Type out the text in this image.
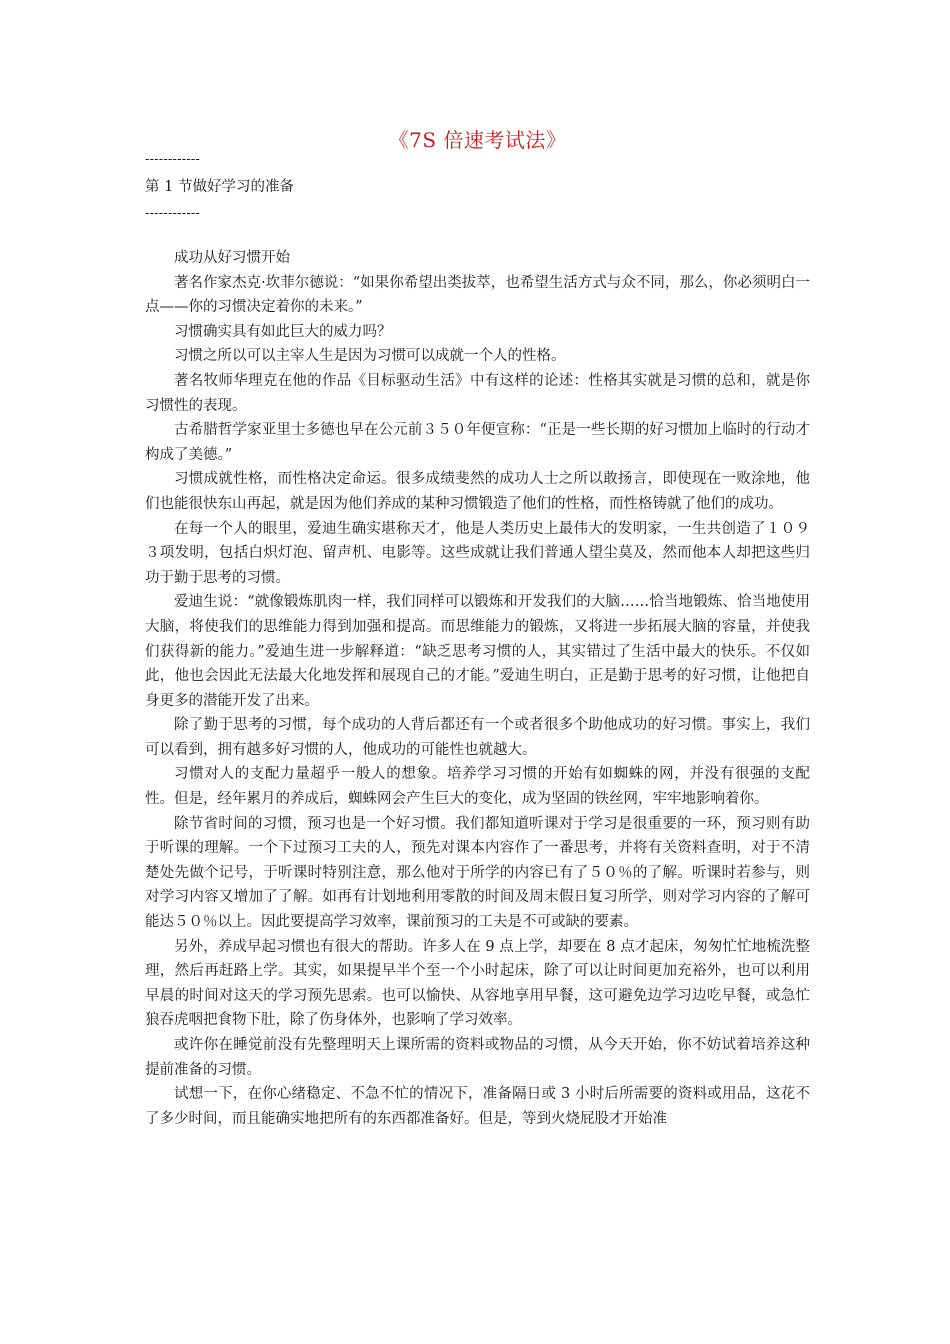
《7S 倍速考试法》
------------
第 1 节做好学习的准备
------------

成功从好习惯开始

著名作家杰克·坎菲尔德说：“如果你希望出类拔萃，也希望生活方式与众不同，那么，你必须明白一点——你的习惯决定着你的未来。”

习惯确实具有如此巨大的威力吗？

习惯之所以可以主宰人生是因为习惯可以成就一个人的性格。

著名牧师华理克在他的作品《目标驱动生活》中有这样的论述：性格其实就是习惯的总和，就是你习惯性的表现。

古希腊哲学家亚里士多德也早在公元前３５０年便宣称：“正是一些长期的好习惯加上临时的行动才构成了美德。”

习惯成就性格，而性格决定命运。很多成绩斐然的成功人士之所以敢扬言，即使现在一败涂地，他们也能很快东山再起，就是因为他们养成的某种习惯锻造了他们的性格，而性格铸就了他们的成功。

在每一个人的眼里，爱迪生确实堪称天才，他是人类历史上最伟大的发明家，一生共创造了１０９３项发明，包括白炽灯泡、留声机、电影等。这些成就让我们普通人望尘莫及，然而他本人却把这些归功于勤于思考的习惯。

爱迪生说：“就像锻炼肌肉一样，我们同样可以锻炼和开发我们的大脑……恰当地锻炼、恰当地使用大脑，将使我们的思维能力得到加强和提高。而思维能力的锻炼，又将进一步拓展大脑的容量，并使我们获得新的能力。”爱迪生进一步解释道：“缺乏思考习惯的人，其实错过了生活中最大的快乐。不仅如此，他也会因此无法最大化地发挥和展现自己的才能。”爱迪生明白，正是勤于思考的好习惯，让他把自身更多的潜能开发了出来。

除了勤于思考的习惯，每个成功的人背后都还有一个或者很多个助他成功的好习惯。事实上，我们可以看到，拥有越多好习惯的人，他成功的可能性也就越大。

习惯对人的支配力量超乎一般人的想象。培养学习习惯的开始有如蜘蛛的网，并没有很强的支配性。但是，经年累月的养成后，蜘蛛网会产生巨大的变化，成为坚固的铁丝网，牢牢地影响着你。

除节省时间的习惯，预习也是一个好习惯。我们都知道听课对于学习是很重要的一环，预习则有助于听课的理解。一个下过预习工夫的人，预先对课本内容作了一番思考，并将有关资料查明，对于不清楚处先做个记号，于听课时特别注意，那么他对于所学的内容已有了５０％的了解。听课时若参与，则对学习内容又增加了了解。如再有计划地利用零散的时间及周末假日复习所学，则对学习内容的了解可能达５０％以上。因此要提高学习效率，课前预习的工夫是不可或缺的要素。

另外，养成早起习惯也有很大的帮助。许多人在 9 点上学，却要在 8 点才起床，匆匆忙忙地梳洗整理，然后再赶路上学。其实，如果提早半个至一个小时起床，除了可以让时间更加充裕外，也可以利用早晨的时间对这天的学习预先思索。也可以愉快、从容地享用早餐，这可避免边学习边吃早餐，或急忙狼吞虎咽把食物下肚，除了伤身体外，也影响了学习效率。

或许你在睡觉前没有先整理明天上课所需的资料或物品的习惯，从今天开始，你不妨试着培养这种提前准备的习惯。

试想一下，在你心绪稳定、不急不忙的情况下，准备隔日或 3 小时后所需要的资料或用品，这花不了多少时间，而且能确实地把所有的东西都准备好。但是，等到火烧屁股才开始准
